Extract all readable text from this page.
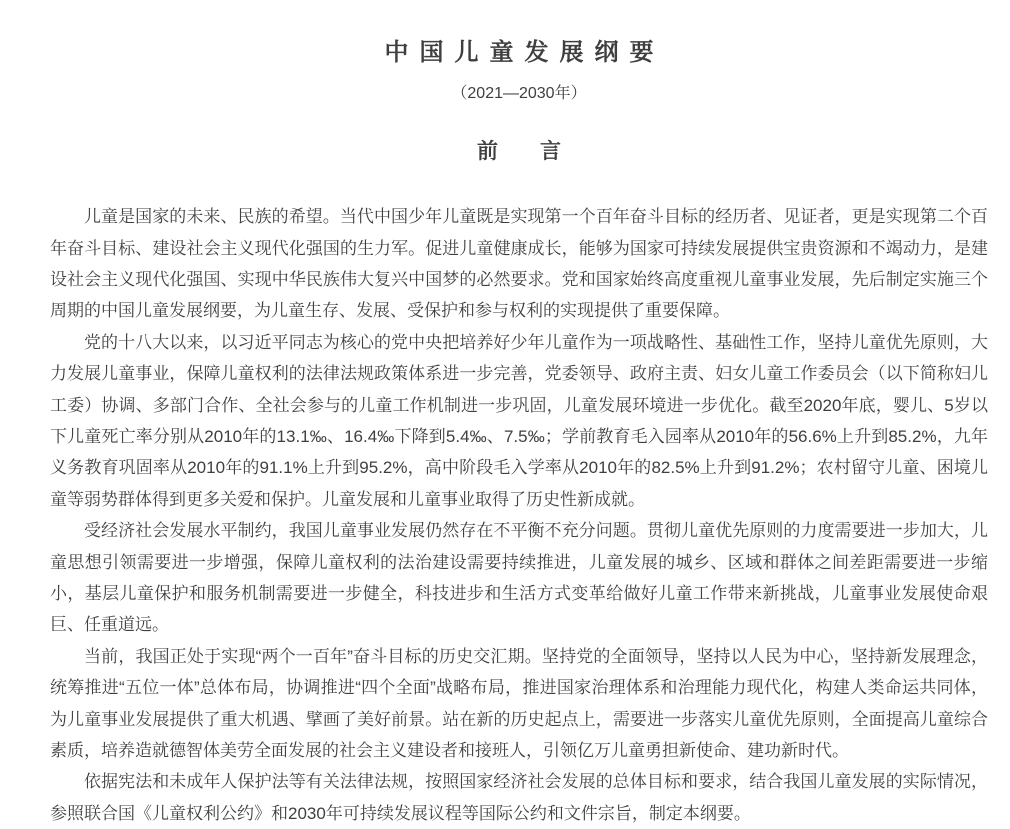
中国儿童发展纲要
（2021—2030年）
前　　言

儿童是国家的未来、民族的希望。当代中国少年儿童既是实现第一个百年奋斗目标的经历者、见证者，更是实现第二个百年奋斗目标、建设社会主义现代化强国的生力军。促进儿童健康成长，能够为国家可持续发展提供宝贵资源和不竭动力，是建设社会主义现代化强国、实现中华民族伟大复兴中国梦的必然要求。党和国家始终高度重视儿童事业发展，先后制定实施三个周期的中国儿童发展纲要，为儿童生存、发展、受保护和参与权利的实现提供了重要保障。

党的十八大以来，以习近平同志为核心的党中央把培养好少年儿童作为一项战略性、基础性工作，坚持儿童优先原则，大力发展儿童事业，保障儿童权利的法律法规政策体系进一步完善，党委领导、政府主责、妇女儿童工作委员会（以下简称妇儿工委）协调、多部门合作、全社会参与的儿童工作机制进一步巩固，儿童发展环境进一步优化。截至2020年底，婴儿、5岁以下儿童死亡率分别从2010年的13.1‰、16.4‰下降到5.4‰、7.5‰；学前教育毛入园率从2010年的56.6%上升到85.2%，九年义务教育巩固率从2010年的91.1%上升到95.2%，高中阶段毛入学率从2010年的82.5%上升到91.2%；农村留守儿童、困境儿童等弱势群体得到更多关爱和保护。儿童发展和儿童事业取得了历史性新成就。

受经济社会发展水平制约，我国儿童事业发展仍然存在不平衡不充分问题。贯彻儿童优先原则的力度需要进一步加大，儿童思想引领需要进一步增强，保障儿童权利的法治建设需要持续推进，儿童发展的城乡、区域和群体之间差距需要进一步缩小，基层儿童保护和服务机制需要进一步健全，科技进步和生活方式变革给做好儿童工作带来新挑战，儿童事业发展使命艰巨、任重道远。

当前，我国正处于实现“两个一百年”奋斗目标的历史交汇期。坚持党的全面领导，坚持以人民为中心，坚持新发展理念，统筹推进“五位一体”总体布局，协调推进“四个全面”战略布局，推进国家治理体系和治理能力现代化，构建人类命运共同体，为儿童事业发展提供了重大机遇、擘画了美好前景。站在新的历史起点上，需要进一步落实儿童优先原则，全面提高儿童综合素质，培养造就德智体美劳全面发展的社会主义建设者和接班人，引领亿万儿童勇担新使命、建功新时代。

依据宪法和未成年人保护法等有关法律法规，按照国家经济社会发展的总体目标和要求，结合我国儿童发展的实际情况，参照联合国《儿童权利公约》和2030年可持续发展议程等国际公约和文件宗旨，制定本纲要。
